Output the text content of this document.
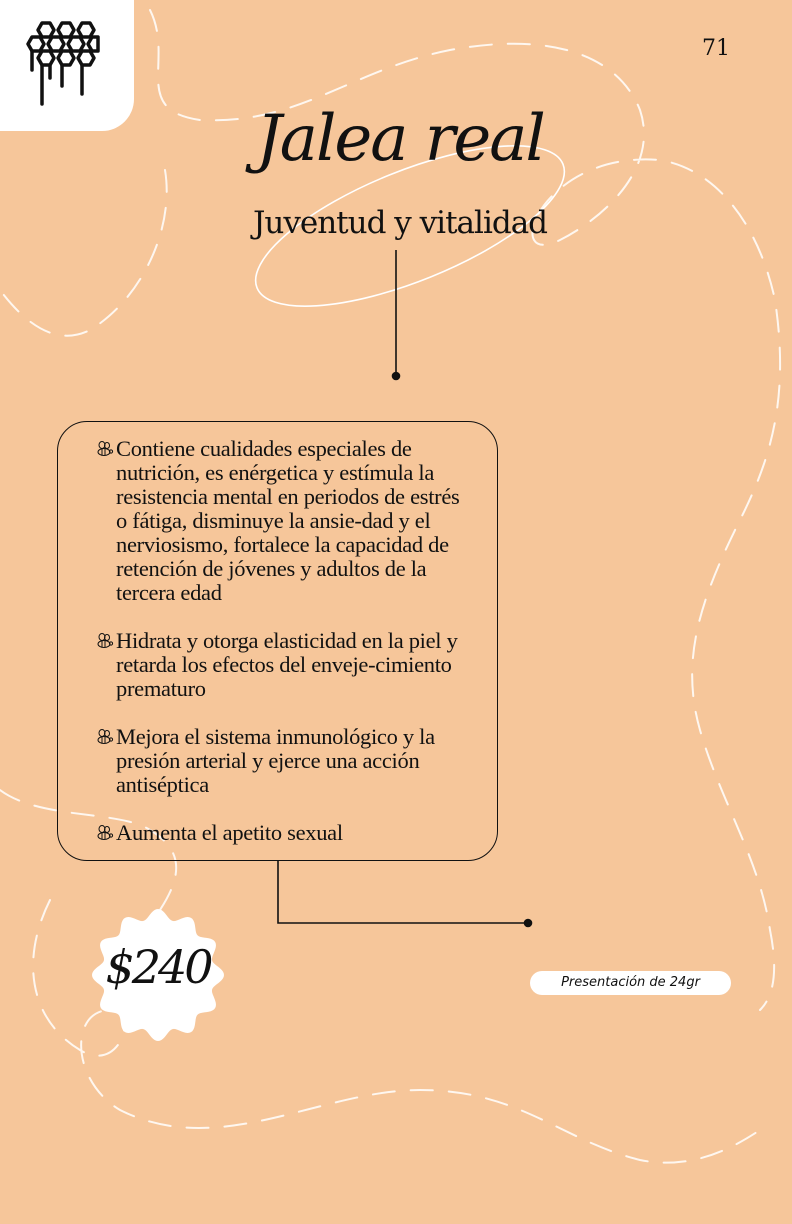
71
Jalea real
Juventud y vitalidad
Contiene cualidades especiales de nutrición, es enérgetica y estímula la resistencia mental en periodos de estrés o fátiga, disminuye la ansie-dad y el nerviosismo, fortalece la capacidad de retención de jóvenes y adultos de la tercera edad
Hidrata y otorga elasticidad en la piel y retarda los efectos del enveje-cimiento prematuro
Mejora el sistema inmunológico y la presión arterial y ejerce una acción antiséptica
Aumenta el apetito sexual
$240	Presentación de 24gr
